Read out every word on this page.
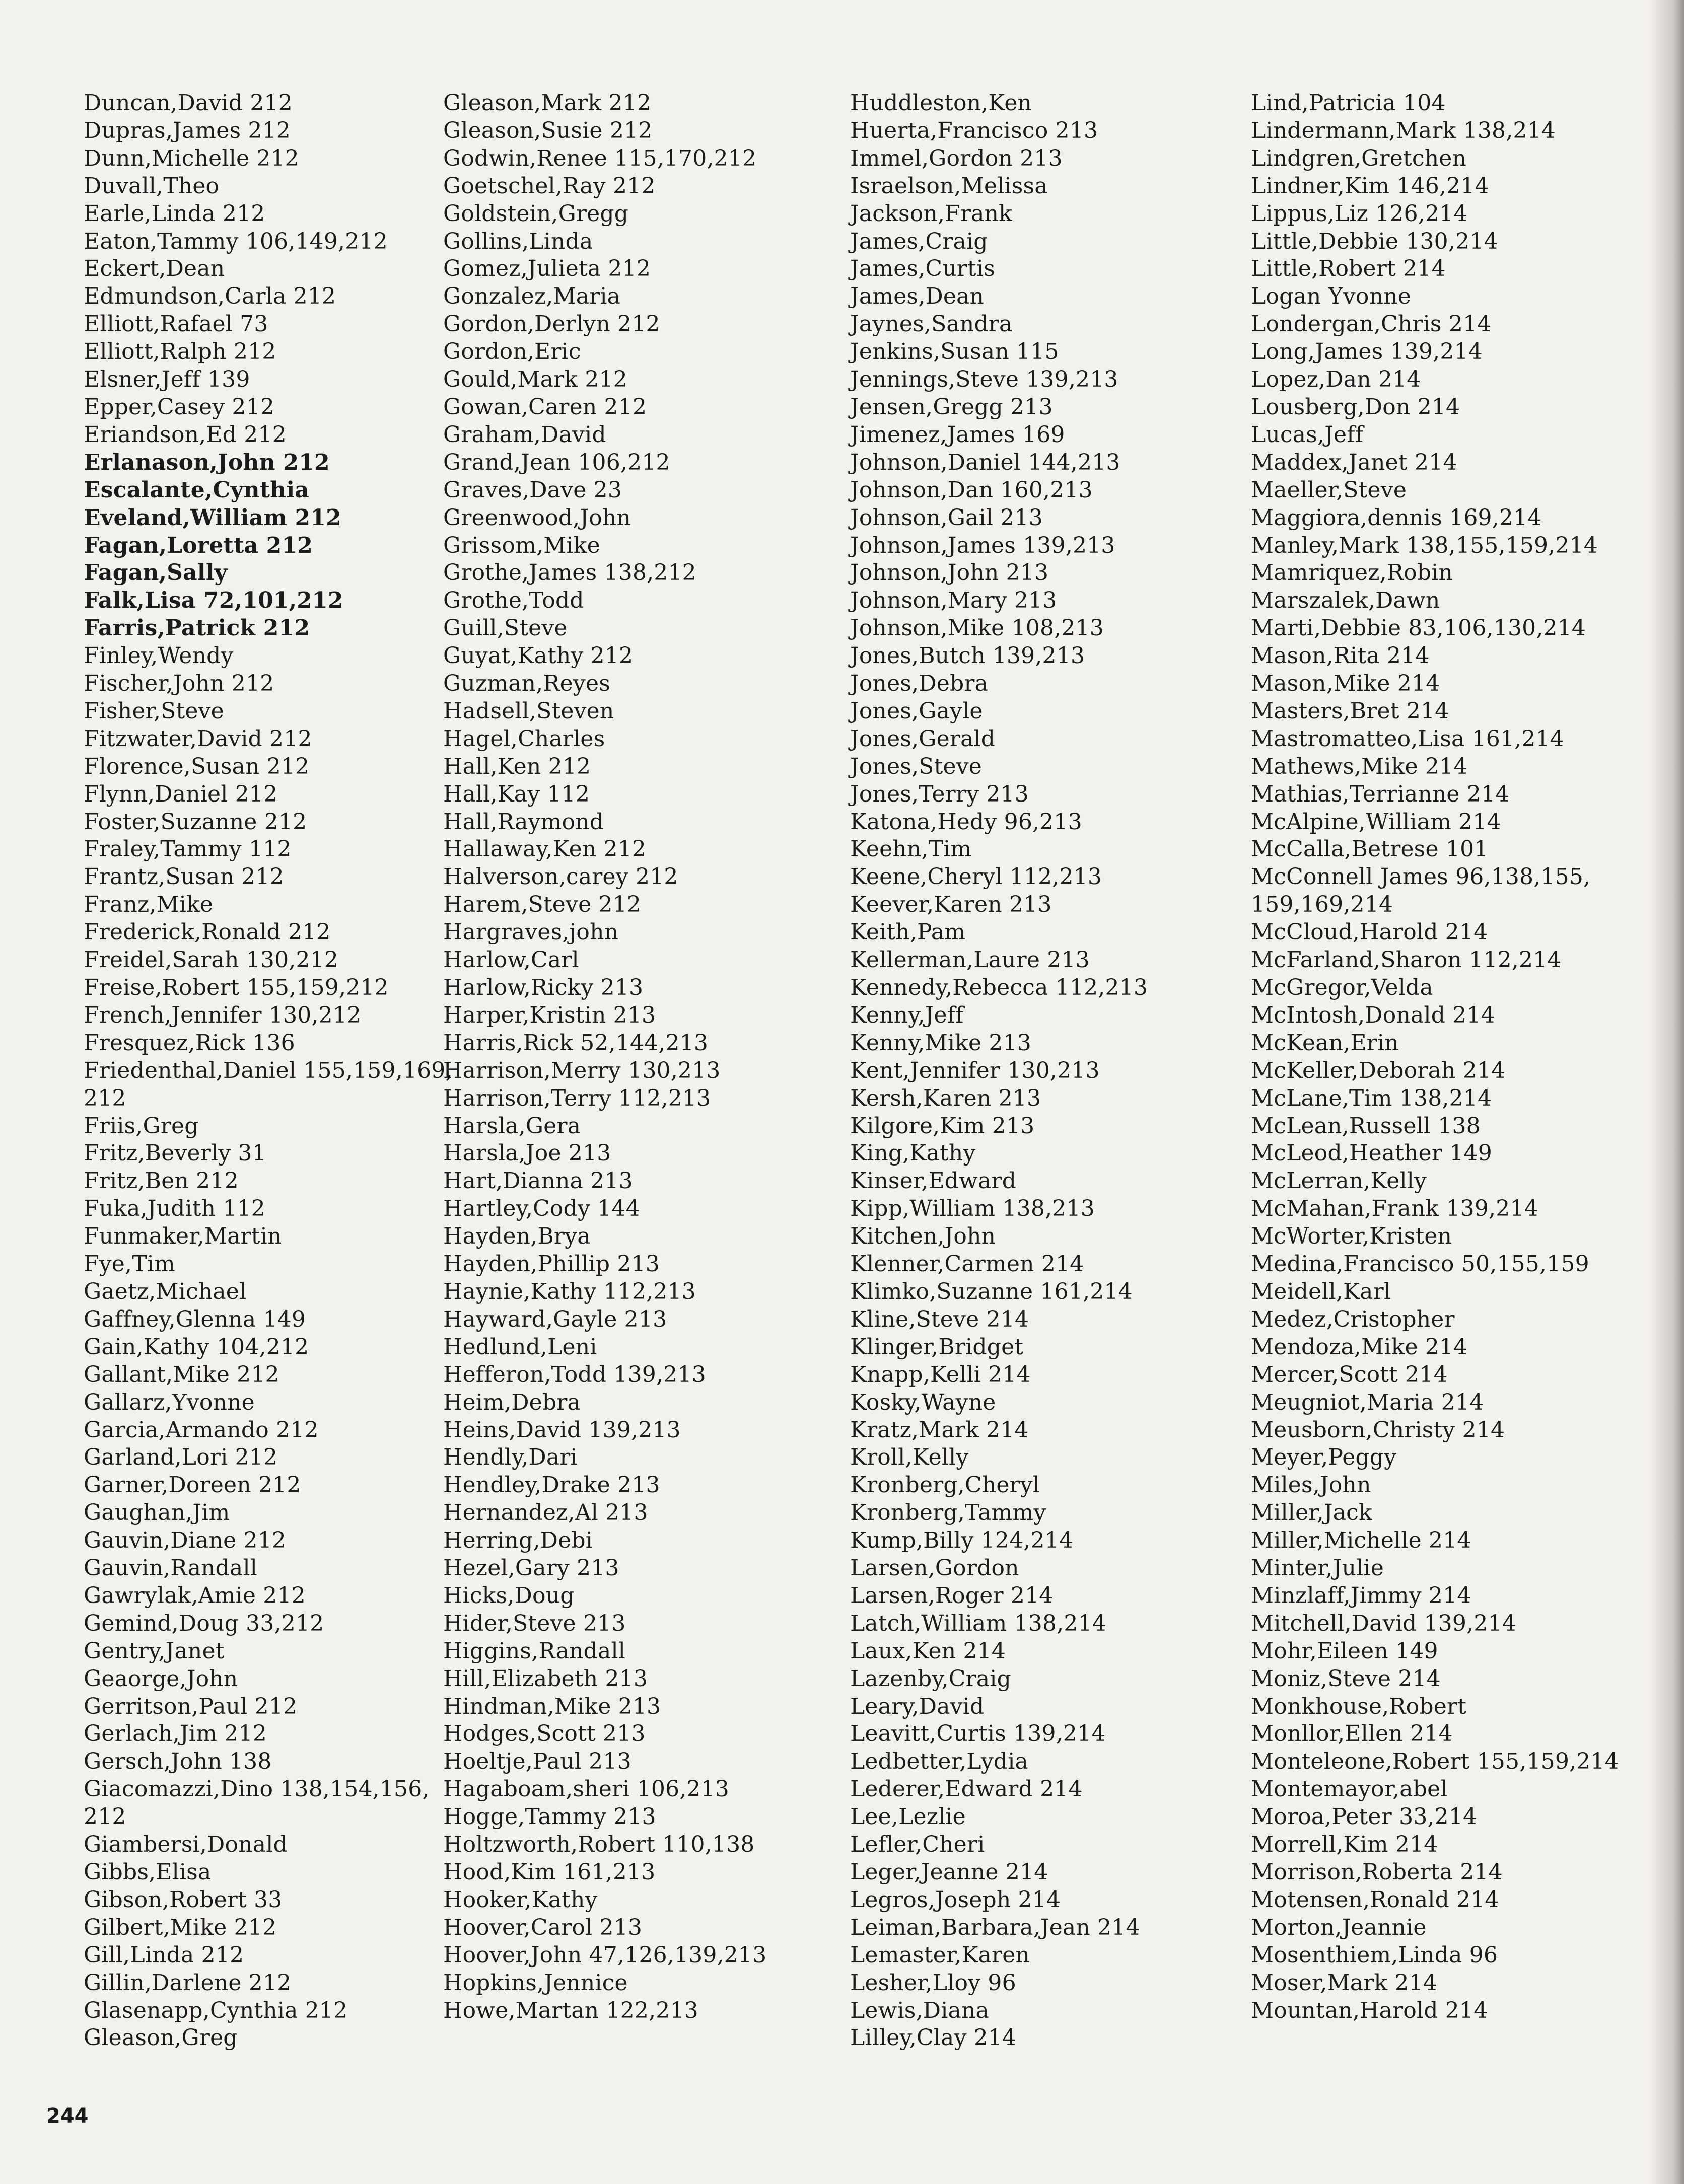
Duncan,David 212
Dupras,James 212
Dunn,Michelle 212
Duvall,Theo
Earle,Linda 212
Eaton,Tammy 106,149,212
Eckert,Dean
Edmundson,Carla 212
Elliott,Rafael 73
Elliott,Ralph 212
Elsner,Jeff 139
Epper,Casey 212
Eriandson,Ed 212
Erlanason,John 212
Escalante,Cynthia
Eveland,William 212
Fagan,Loretta 212
Fagan,Sally
Falk,Lisa 72,101,212
Farris,Patrick 212
Finley,Wendy
Fischer,John 212
Fisher,Steve
Fitzwater,David 212
Florence,Susan 212
Flynn,Daniel 212
Foster,Suzanne 212
Fraley,Tammy 112
Frantz,Susan 212
Franz,Mike
Frederick,Ronald 212
Freidel,Sarah 130,212
Freise,Robert 155,159,212
French,Jennifer 130,212
Fresquez,Rick 136
Friedenthal,Daniel 155,159,169,
212
Friis,Greg
Fritz,Beverly 31
Fritz,Ben 212
Fuka,Judith 112
Funmaker,Martin
Fye,Tim
Gaetz,Michael
Gaffney,Glenna 149
Gain,Kathy 104,212
Gallant,Mike 212
Gallarz,Yvonne
Garcia,Armando 212
Garland,Lori 212
Garner,Doreen 212
Gaughan,Jim
Gauvin,Diane 212
Gauvin,Randall
Gawrylak,Amie 212
Gemind,Doug 33,212
Gentry,Janet
Geaorge,John
Gerritson,Paul 212
Gerlach,Jim 212
Gersch,John 138
Giacomazzi,Dino 138,154,156,
212
Giambersi,Donald
Gibbs,Elisa
Gibson,Robert 33
Gilbert,Mike 212
Gill,Linda 212
Gillin,Darlene 212
Glasenapp,Cynthia 212
Gleason,Greg
Gleason,Mark 212
Gleason,Susie 212
Godwin,Renee 115,170,212
Goetschel,Ray 212
Goldstein,Gregg
Gollins,Linda
Gomez,Julieta 212
Gonzalez,Maria
Gordon,Derlyn 212
Gordon,Eric
Gould,Mark 212
Gowan,Caren 212
Graham,David
Grand,Jean 106,212
Graves,Dave 23
Greenwood,John
Grissom,Mike
Grothe,James 138,212
Grothe,Todd
Guill,Steve
Guyat,Kathy 212
Guzman,Reyes
Hadsell,Steven
Hagel,Charles
Hall,Ken 212
Hall,Kay 112
Hall,Raymond
Hallaway,Ken 212
Halverson,carey 212
Harem,Steve 212
Hargraves,john
Harlow,Carl
Harlow,Ricky 213
Harper,Kristin 213
Harris,Rick 52,144,213
Harrison,Merry 130,213
Harrison,Terry 112,213
Harsla,Gera
Harsla,Joe 213
Hart,Dianna 213
Hartley,Cody 144
Hayden,Brya
Hayden,Phillip 213
Haynie,Kathy 112,213
Hayward,Gayle 213
Hedlund,Leni
Hefferon,Todd 139,213
Heim,Debra
Heins,David 139,213
Hendly,Dari
Hendley,Drake 213
Hernandez,Al 213
Herring,Debi
Hezel,Gary 213
Hicks,Doug
Hider,Steve 213
Higgins,Randall
Hill,Elizabeth 213
Hindman,Mike 213
Hodges,Scott 213
Hoeltje,Paul 213
Hagaboam,sheri 106,213
Hogge,Tammy 213
Holtzworth,Robert 110,138
Hood,Kim 161,213
Hooker,Kathy
Hoover,Carol 213
Hoover,John 47,126,139,213
Hopkins,Jennice
Howe,Martan 122,213
Huddleston,Ken
Huerta,Francisco 213
Immel,Gordon 213
Israelson,Melissa
Jackson,Frank
James,Craig
James,Curtis
James,Dean
Jaynes,Sandra
Jenkins,Susan 115
Jennings,Steve 139,213
Jensen,Gregg 213
Jimenez,James 169
Johnson,Daniel 144,213
Johnson,Dan 160,213
Johnson,Gail 213
Johnson,James 139,213
Johnson,John 213
Johnson,Mary 213
Johnson,Mike 108,213
Jones,Butch 139,213
Jones,Debra
Jones,Gayle
Jones,Gerald
Jones,Steve
Jones,Terry 213
Katona,Hedy 96,213
Keehn,Tim
Keene,Cheryl 112,213
Keever,Karen 213
Keith,Pam
Kellerman,Laure 213
Kennedy,Rebecca 112,213
Kenny,Jeff
Kenny,Mike 213
Kent,Jennifer 130,213
Kersh,Karen 213
Kilgore,Kim 213
King,Kathy
Kinser,Edward
Kipp,William 138,213
Kitchen,John
Klenner,Carmen 214
Klimko,Suzanne 161,214
Kline,Steve 214
Klinger,Bridget
Knapp,Kelli 214
Kosky,Wayne
Kratz,Mark 214
Kroll,Kelly
Kronberg,Cheryl
Kronberg,Tammy
Kump,Billy 124,214
Larsen,Gordon
Larsen,Roger 214
Latch,William 138,214
Laux,Ken 214
Lazenby,Craig
Leary,David
Leavitt,Curtis 139,214
Ledbetter,Lydia
Lederer,Edward 214
Lee,Lezlie
Lefler,Cheri
Leger,Jeanne 214
Legros,Joseph 214
Leiman,Barbara,Jean 214
Lemaster,Karen
Lesher,Lloy 96
Lewis,Diana
Lilley,Clay 214
Lind,Patricia 104
Lindermann,Mark 138,214
Lindgren,Gretchen
Lindner,Kim 146,214
Lippus,Liz 126,214
Little,Debbie 130,214
Little,Robert 214
Logan Yvonne
Londergan,Chris 214
Long,James 139,214
Lopez,Dan 214
Lousberg,Don 214
Lucas,Jeff
Maddex,Janet 214
Maeller,Steve
Maggiora,dennis 169,214
Manley,Mark 138,155,159,214
Mamriquez,Robin
Marszalek,Dawn
Marti,Debbie 83,106,130,214
Mason,Rita 214
Mason,Mike 214
Masters,Bret 214
Mastromatteo,Lisa 161,214
Mathews,Mike 214
Mathias,Terrianne 214
McAlpine,William 214
McCalla,Betrese 101
McConnell James 96,138,155,
159,169,214
McCloud,Harold 214
McFarland,Sharon 112,214
McGregor,Velda
McIntosh,Donald 214
McKean,Erin
McKeller,Deborah 214
McLane,Tim 138,214
McLean,Russell 138
McLeod,Heather 149
McLerran,Kelly
McMahan,Frank 139,214
McWorter,Kristen
Medina,Francisco 50,155,159
Meidell,Karl
Medez,Cristopher
Mendoza,Mike 214
Mercer,Scott 214
Meugniot,Maria 214
Meusborn,Christy 214
Meyer,Peggy
Miles,John
Miller,Jack
Miller,Michelle 214
Minter,Julie
Minzlaff,Jimmy 214
Mitchell,David 139,214
Mohr,Eileen 149
Moniz,Steve 214
Monkhouse,Robert
Monllor,Ellen 214
Monteleone,Robert 155,159,214
Montemayor,abel
Moroa,Peter 33,214
Morrell,Kim 214
Morrison,Roberta 214
Motensen,Ronald 214
Morton,Jeannie
Mosenthiem,Linda 96
Moser,Mark 214
Mountan,Harold 214
244
